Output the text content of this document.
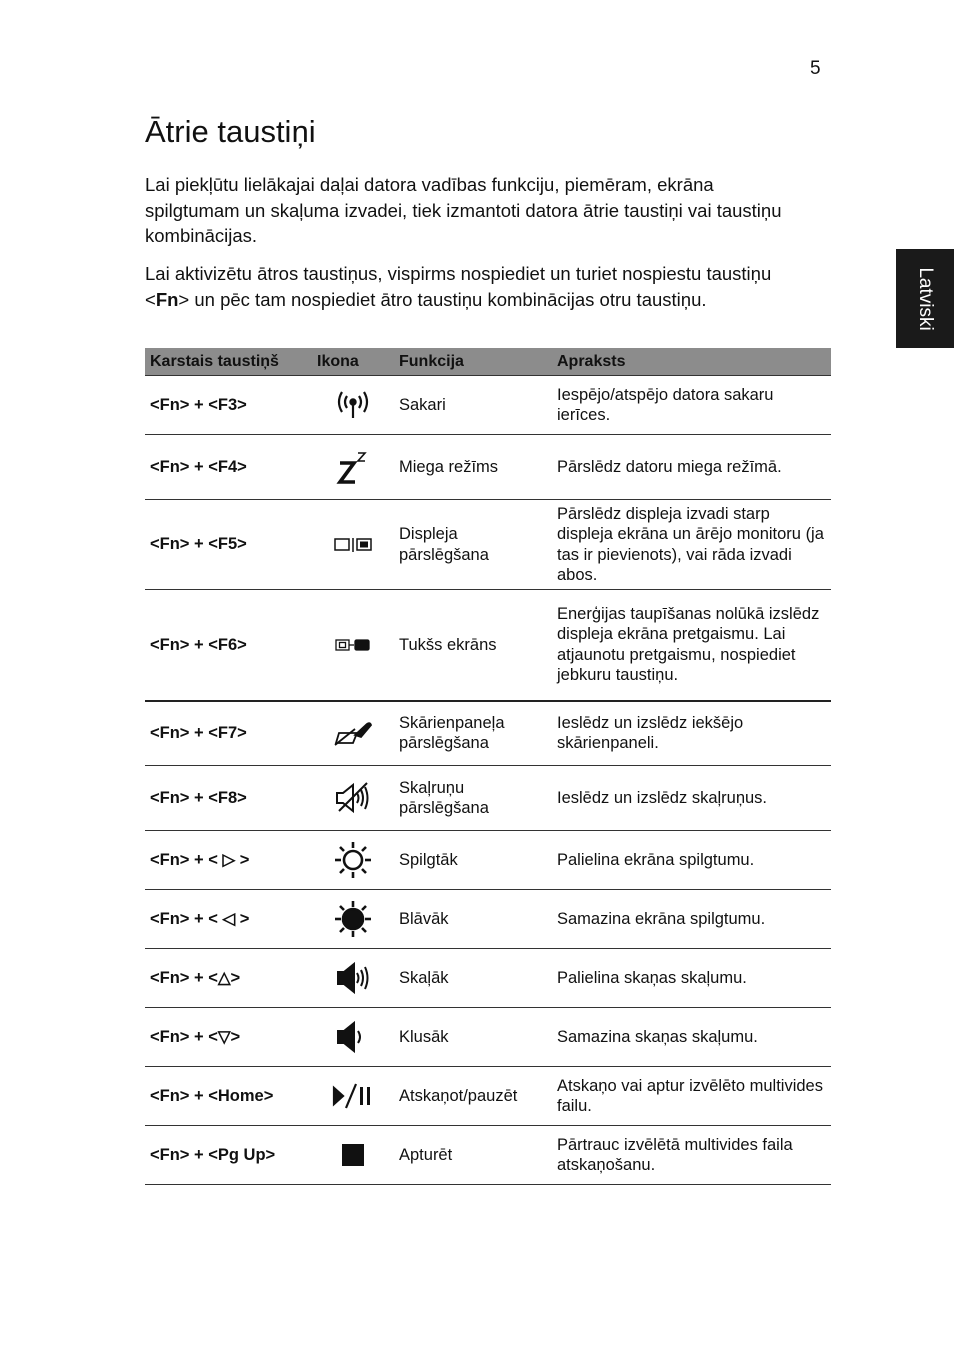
5
Ātrie taustiņi

Lai piekļūtu lielākajai daļai datora vadības funkciju, piemēram, ekrāna spilgtumam un skaļuma izvadei, tiek izmantoti datora ātrie taustiņi vai taustiņu kombinācijas.

Lai aktivizētu ātros taustiņus, vispirms nospiediet un turiet nospiestu taustiņu <Fn> un pēc tam nospiediet ātro taustiņu kombinācijas otru taustiņu.	Latviski
Karstais taustiņš	Ikona	Funkcija	Apraksts
<Fn> + <F3>		Sakari	Iespējo/atspējo datora sakaru ierīces.
<Fn> + <F4>		Miega režīms	Pārslēdz datoru miega režīmā.
<Fn> + <F5>		Displeja pārslēgšana	Pārslēdz displeja izvadi starp displeja ekrāna un ārējo monitoru (ja tas ir pievienots), vai rāda izvadi abos.
<Fn> + <F6>		Tukšs ekrāns	Enerģijas taupīšanas nolūkā izslēdz displeja ekrāna pretgaismu. Lai atjaunotu pretgaismu, nospiediet jebkuru taustiņu.
<Fn> + <F7>		Skārienpaneļa pārslēgšana	Ieslēdz un izslēdz iekšējo skārienpaneli.
<Fn> + <F8>		Skaļruņu pārslēgšana	Ieslēdz un izslēdz skaļruņus.
<Fn> + < ▷ >		Spilgtāk	Palielina ekrāna spilgtumu.
<Fn> + < ◁ >		Blāvāk	Samazina ekrāna spilgtumu.
<Fn> + <△>		Skaļāk	Palielina skaņas skaļumu.
<Fn> + <▽>		Klusāk	Samazina skaņas skaļumu.
<Fn> + <Home>		Atskaņot/pauzēt	Atskaņo vai aptur izvēlēto multivides failu.
<Fn> + <Pg Up>		Apturēt	Pārtrauc izvēlētā multivides faila atskaņošanu.
